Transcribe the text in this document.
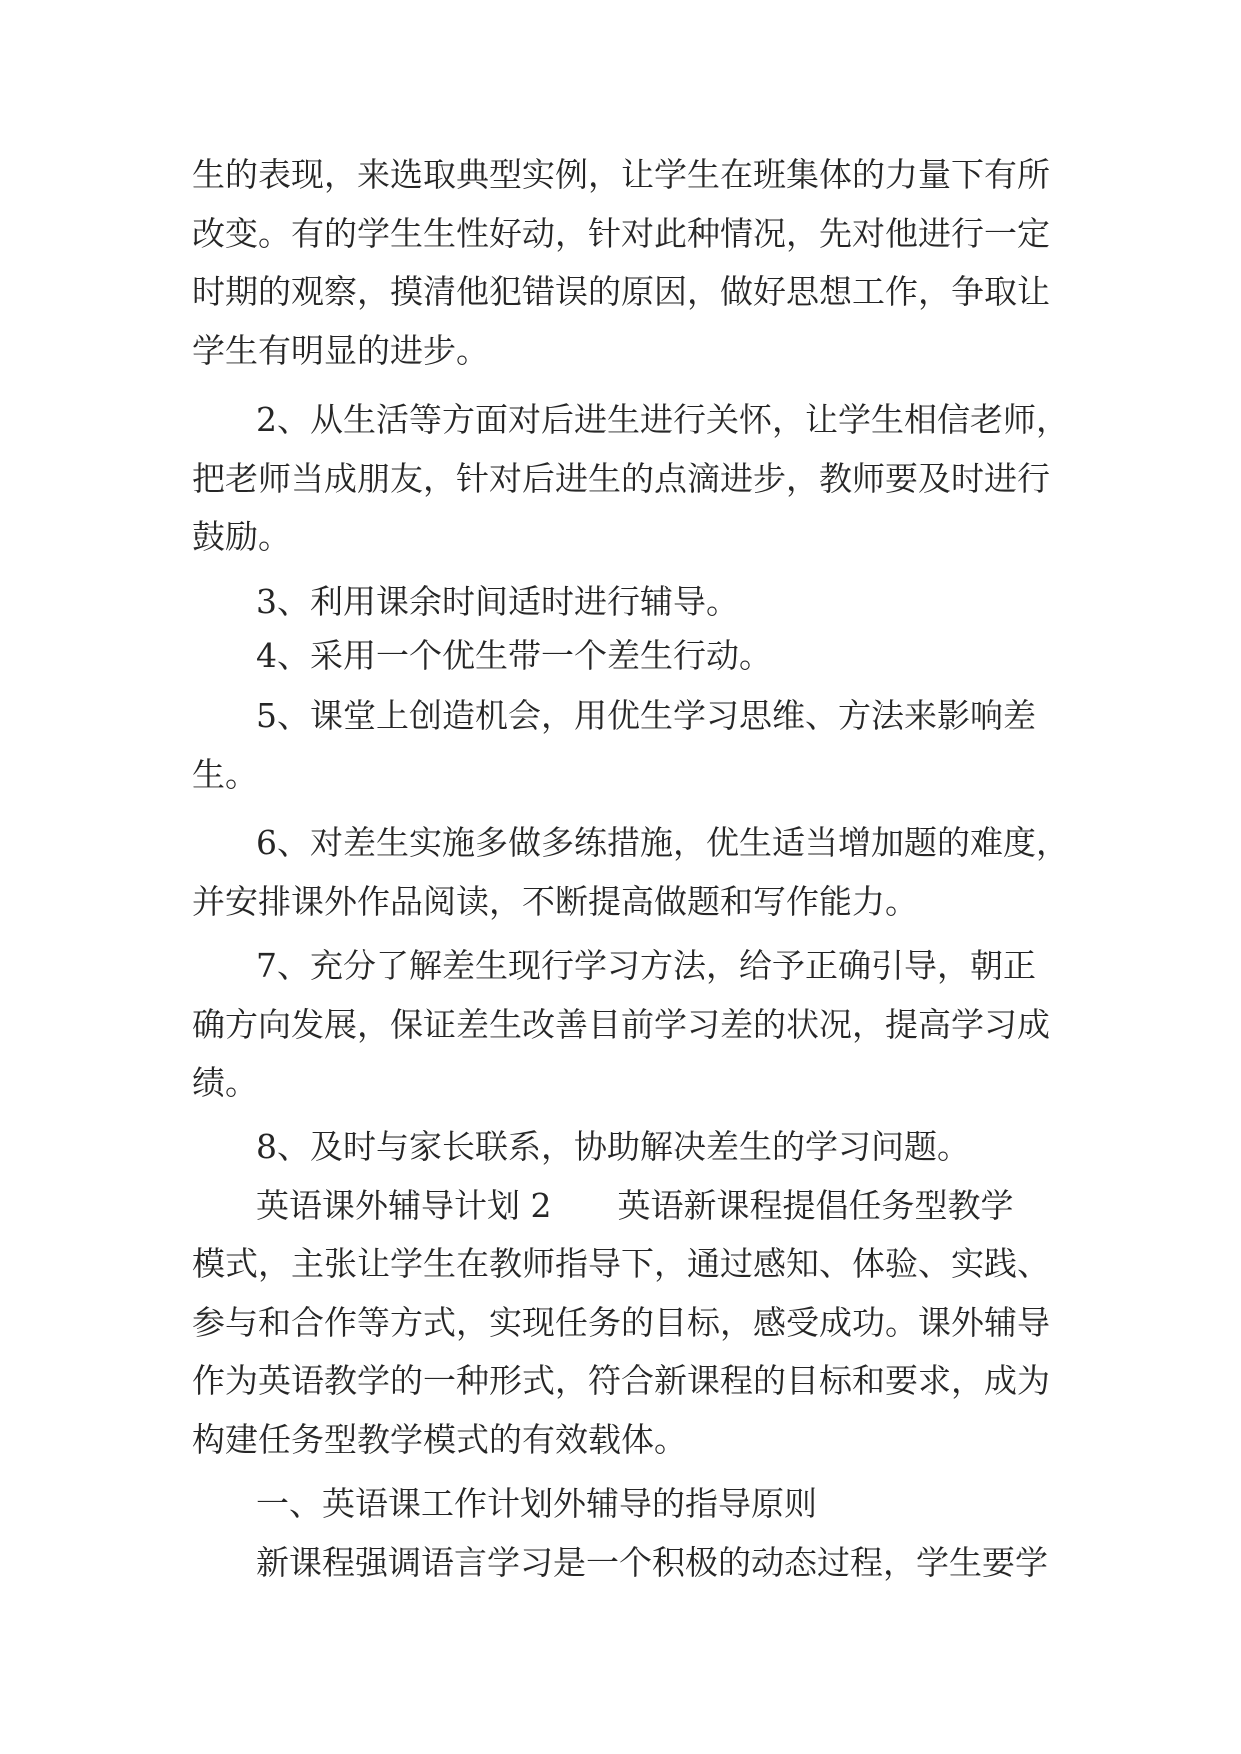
生的表现，来选取典型实例，让学生在班集体的力量下有所
改变。有的学生生性好动，针对此种情况，先对他进行一定
时期的观察，摸清他犯错误的原因，做好思想工作，争取让
学生有明显的进步。
2、从生活等方面对后进生进行关怀，让学生相信老师，
把老师当成朋友，针对后进生的点滴进步，教师要及时进行
鼓励。
3、利用课余时间适时进行辅导。
4、采用一个优生带一个差生行动。
5、课堂上创造机会，用优生学习思维、方法来影响差
生。
6、对差生实施多做多练措施，优生适当增加题的难度，
并安排课外作品阅读，不断提高做题和写作能力。
7、充分了解差生现行学习方法，给予正确引导，朝正
确方向发展，保证差生改善目前学习差的状况，提高学习成
绩。
8、及时与家长联系，协助解决差生的学习问题。
英语课外辅导计划 2　　英语新课程提倡任务型教学
模式，主张让学生在教师指导下，通过感知、体验、实践、
参与和合作等方式，实现任务的目标，感受成功。课外辅导
作为英语教学的一种形式，符合新课程的目标和要求，成为
构建任务型教学模式的有效载体。
一、英语课工作计划外辅导的指导原则
新课程强调语言学习是一个积极的动态过程，学生要学
